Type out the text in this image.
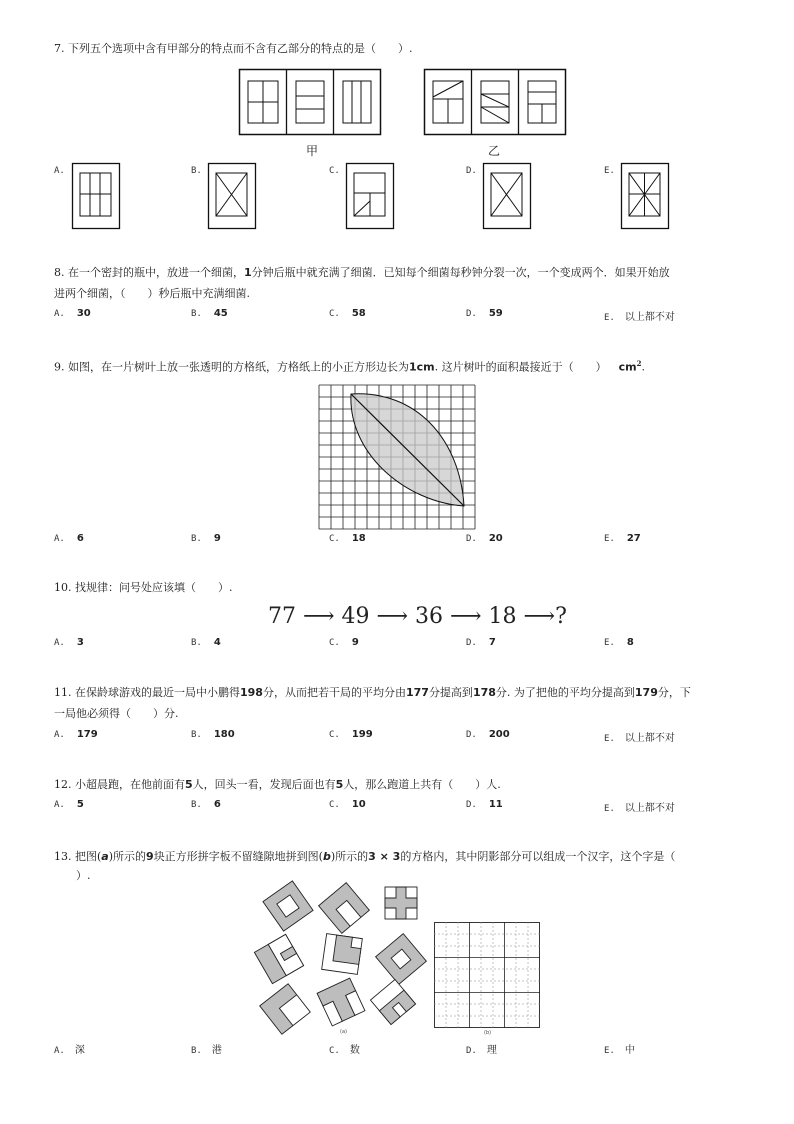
7. 下列五个选项中含有甲部分的特点而不含有乙部分的特点的是（　　）.
甲	乙
A.	B.	C.	D.	E.
8. 在一个密封的瓶中，放进一个细菌，1分钟后瓶中就充满了细菌．已知每个细菌每秒钟分裂一次，一个变成两个．如果开始放
进两个细菌，（　　）秒后瓶中充满细菌.
A. 30	B. 45	C. 58	D. 59	E. 以上都不对
9. 如图，在一片树叶上放一张透明的方格纸，方格纸上的小正方形边长为1cm. 这片树叶的面积最接近于（　　） $cm^2$.
A. 6	B. 9	C. 18	D. 20	E. 27
10. 找规律：问号处应该填（　　）.
77 ⟶ 49 ⟶ 36 ⟶ 18 ⟶?
A. 3	B. 4	C. 9	D. 7	E. 8
11. 在保龄球游戏的最近一局中小鹏得198分，从而把若干局的平均分由177分提高到178分. 为了把他的平均分提高到179分，下
一局他必须得（　　）分.
A. 179	B. 180	C. 199	D. 200	E. 以上都不对
12. 小超晨跑，在他前面有5人，回头一看，发现后面也有5人，那么跑道上共有（　　）人.
A. 5	B. 6	C. 10	D. 11	E. 以上都不对
13. 把图(a)所示的9块正方形拼字板不留缝隙地拼到图(b)所示的3 × 3的方格内，其中阴影部分可以组成一个汉字，这个字是（
）.
(a)	(b)
A. 深	B. 港	C. 数	D. 理	E. 中
